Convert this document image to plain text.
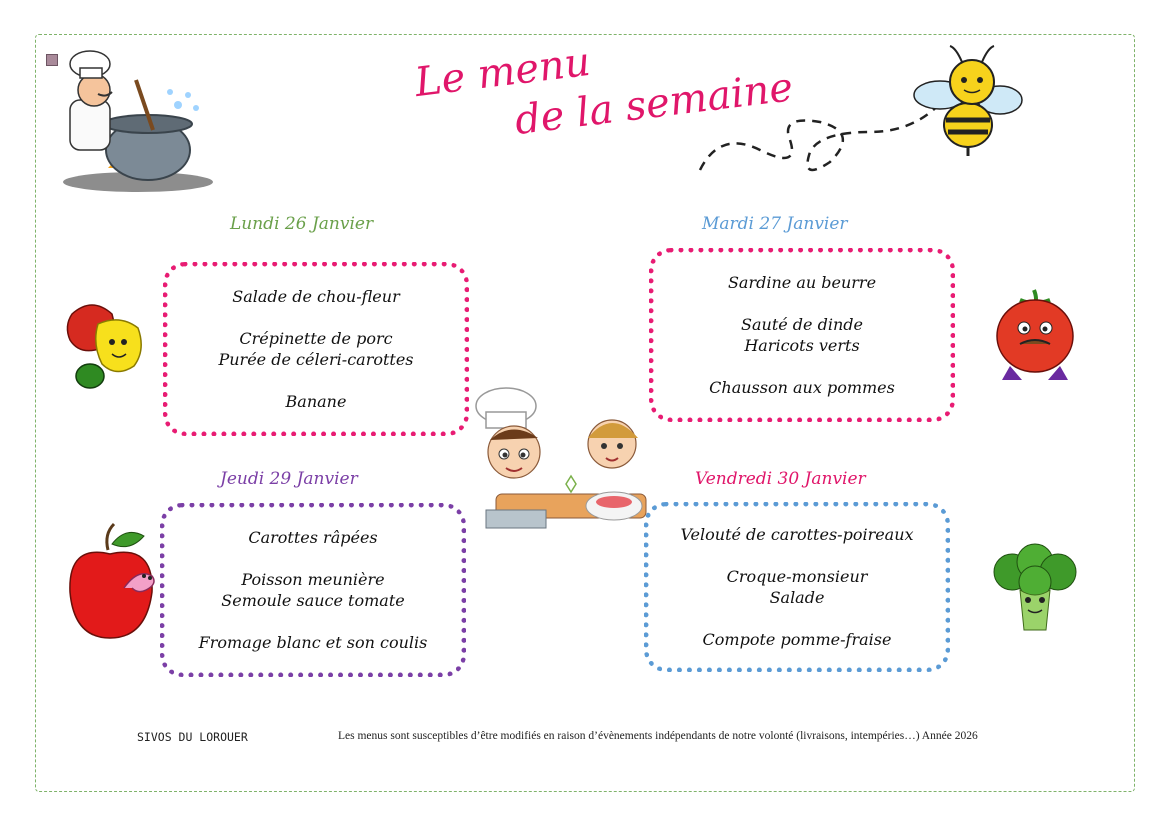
Le menu
de la semaine
Lundi 26 Janvier	Mardi 27 Janvier
Jeudi 29 Janvier	Vendredi 30 Janvier
Salade de chou-fleur
Crépinette de porc
Purée de céleri-carottes
Banane
Sardine au beurre
Sauté de dinde
Haricots verts
Chausson aux pommes
Carottes râpées
Poisson meunière
Semoule sauce tomate
Fromage blanc et son coulis
Velouté de carottes-poireaux
Croque-monsieur
Salade
Compote pomme-fraise
SIVOS DU LOROUER	Les menus sont susceptibles d’être modifiés en raison d’évènements indépendants de notre volonté (livraisons, intempéries…) Année 2026
